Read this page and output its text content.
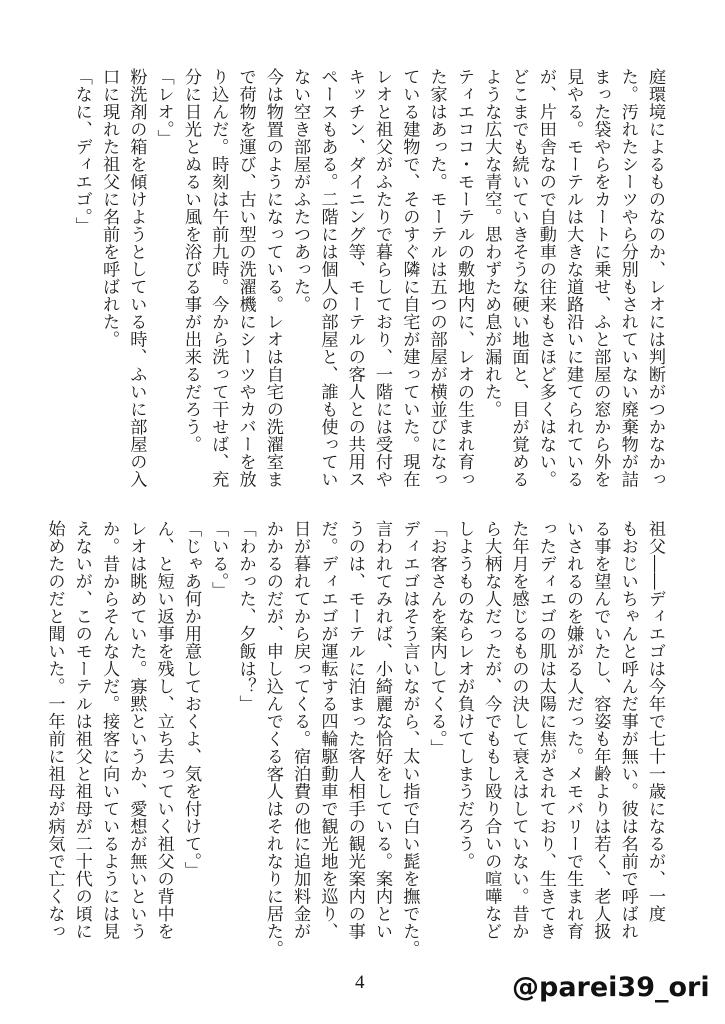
庭環境によるものなのか、レオには判断がつかなかっ
た。汚れたシーツやら分別もされていない廃棄物が詰
まった袋やらをカートに乗せ、ふと部屋の窓から外を
見やる。モーテルは大きな道路沿いに建てられている
が、片田舎なので自動車の往来もさほど多くはない。
どこまでも続いていきそうな硬い地面と、目が覚める
ような広大な青空。思わずため息が漏れた。
ティエココ・モーテルの敷地内に、レオの生まれ育っ
た家はあった。モーテルは五つの部屋が横並びになっ
ている建物で、そのすぐ隣に自宅が建っていた。現在
レオと祖父がふたりで暮らしており、一階には受付や
キッチン、ダイニング等、モーテルの客人との共用ス
ペースもある。二階には個人の部屋と、誰も使ってい
ない空き部屋がふたつあった。
今は物置のようになっている。レオは自宅の洗濯室ま
で荷物を運び、古い型の洗濯機にシーツやカバーを放
り込んだ。時刻は午前九時。今から洗って干せば、充
分に日光とぬるい風を浴びる事が出来るだろう。
「レオ。」
粉洗剤の箱を傾けようとしている時、ふいに部屋の入
口に現れた祖父に名前を呼ばれた。
「なに、ディエゴ。」
祖父――ディエゴは今年で七十一歳になるが、一度
もおじいちゃんと呼んだ事が無い。彼は名前で呼ばれ
る事を望んでいたし、容姿も年齢よりは若く、老人扱
いされるのを嫌がる人だった。メモバリーで生まれ育
ったディエゴの肌は太陽に焦がされており、生きてき
た年月を感じるものの決して衰えはしていない。昔か
ら大柄な人だったが、今でももし殴り合いの喧嘩など
しようものならレオが負けてしまうだろう。
「お客さんを案内してくる。」
ディエゴはそう言いながら、太い指で白い髭を撫でた。
言われてみれば、小綺麗な恰好をしている。案内とい
うのは、モーテルに泊まった客人相手の観光案内の事
だ。ディエゴが運転する四輪駆動車で観光地を巡り、
日が暮れてから戻ってくる。宿泊費の他に追加料金が
かかるのだが、申し込んでくる客人はそれなりに居た。
「わかった、夕飯は？」
「いる。」
「じゃあ何か用意しておくよ、気を付けて。」
ん、と短い返事を残し、立ち去っていく祖父の背中を
レオは眺めていた。寡黙というか、愛想が無いという
か。昔からそんな人だ。接客に向いているようには見
えないが、このモーテルは祖父と祖母が二十代の頃に
始めたのだと聞いた。一年前に祖母が病気で亡くなっ
4	@parei39_ori
